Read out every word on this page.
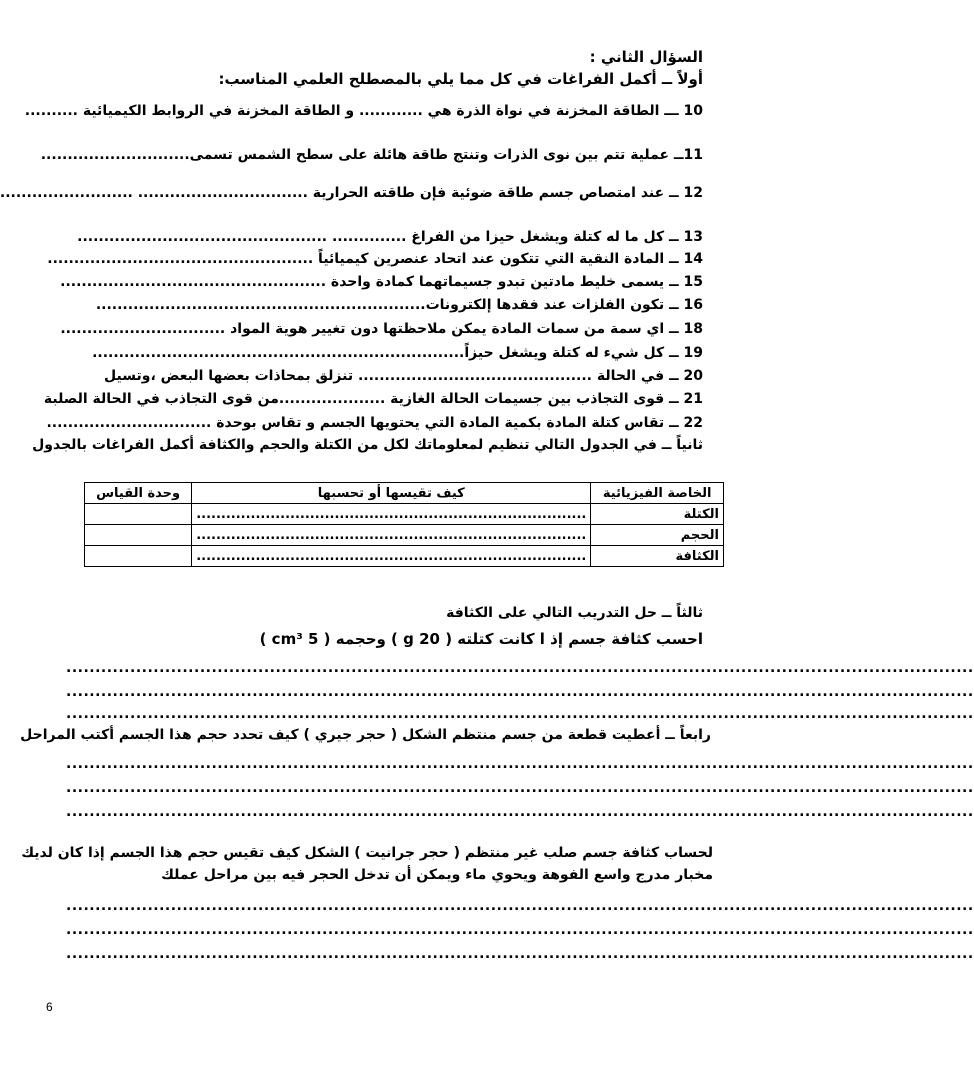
السؤال الثاني :
أولاً ــ أكمل الفراغات في كل مما يلي بالمصطلح العلمي المناسب:
10 ـــ الطاقة المخزنة في نواة الذرة هي ............ و الطاقة المخزنة في الروابط الكيميائية ..........
11ــ عملية تتم بين نوى الذرات وتنتج طاقة هائلة على سطح الشمس تسمى............................
12 ــ عند امتصاص جسم طاقة ضوئية فإن طاقته الحرارية ................................ .........................
13 ــ كل ما له كتلة ويشغل حيزا من الفراغ .............. ...............................................
14 ــ المادة النقية التي تتكون عند اتحاد عنصرين كيميائياً ..................................................
15 ــ يسمى خليط مادتين تبدو جسيماتهما كمادة واحدة ..................................................
16 ــ تكون الفلزات عند فقدها إلكترونات..............................................................
18 ــ اي سمة من سمات المادة يمكن ملاحظتها دون تغيير هوية المواد ...............................
19 ــ كل شيء له كتلة ويشغل حيزاً......................................................................
20 ــ في الحالة ............................................ تنزلق بمحاذات بعضها البعض ،وتسيل
21 ــ قوى التجاذب بين جسيمات الحالة الغازية ....................من قوى التجاذب في الحالة الصلبة
22 ــ تقاس كتلة المادة بكمية المادة التي يحتويها الجسم و تقاس بوحدة ...............................
ثانياً ــ في الجدول التالي تنظيم لمعلوماتك لكل من الكتلة والحجم والكثافة أكمل الفراغات بالجدول
الخاصة الفيزيائية	كيف تقيسها أو تحسبها	وحدة القياس
الكتلة	...............................................................................	
الحجم	...............................................................................	
الكثافة	...............................................................................	
ثالثاً ــ حل التدريب التالي على الكثافة
احسب كثافة جسم إذ ا كانت كتلته ( 20 g ) وحجمه ( 5 cm³ )
............................................................................................................................................................
............................................................................................................................................................
............................................................................................................................................................
رابعاً ــ أعطيت قطعة من جسم منتظم الشكل ( حجر جيري ) كيف تحدد حجم هذا الجسم أكتب المراحل
............................................................................................................................................................
............................................................................................................................................................
............................................................................................................................................................
لحساب كثافة جسم صلب غير منتظم ( حجر جرانيت ) الشكل كيف تقيس حجم هذا الجسم إذا كان لديك
مخبار مدرج واسع الفوهة ويحوي ماء ويمكن أن تدخل الحجر فيه بين مراحل عملك
............................................................................................................................................................
............................................................................................................................................................
............................................................................................................................................................
6
